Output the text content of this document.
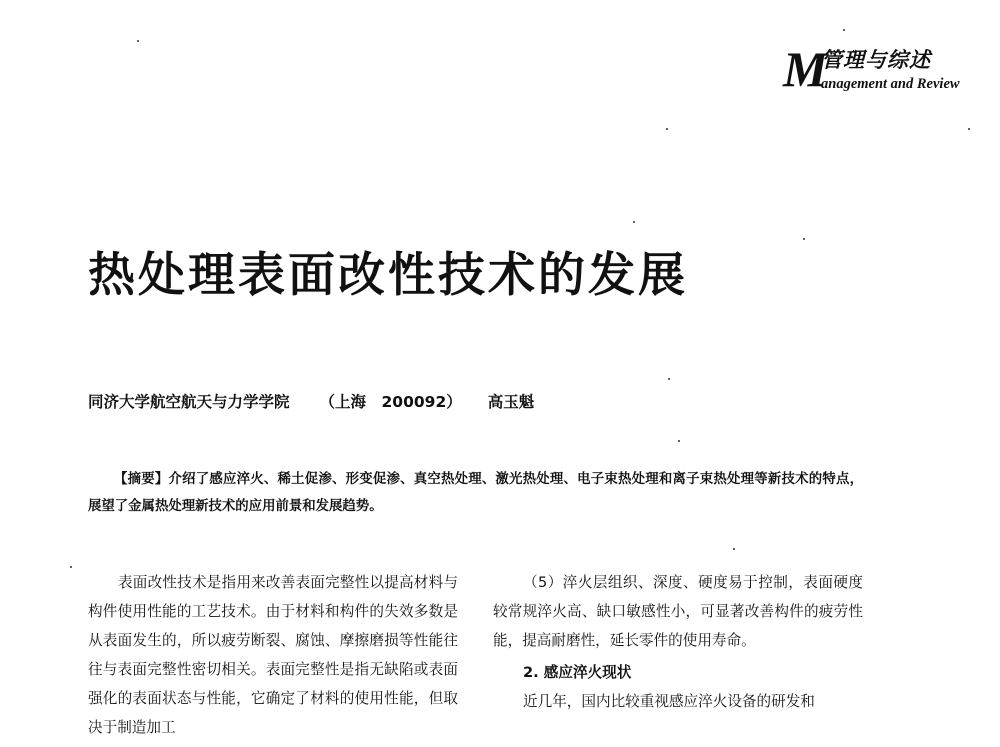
M
管理与综述
anagement and Review
热处理表面改性技术的发展
同济大学航空航天与力学学院 （上海　200092） 高玉魁
【摘要】介绍了感应淬火、稀土促渗、形变促渗、真空热处理、激光热处理、电子束热处理和离子束热处理等新技术的特点，展望了金属热处理新技术的应用前景和发展趋势。

表面改性技术是指用来改善表面完整性以提高材料与构件使用性能的工艺技术。由于材料和构件的失效多数是从表面发生的，所以疲劳断裂、腐蚀、摩擦磨损等性能往往与表面完整性密切相关。表面完整性是指无缺陷或表面强化的表面状态与性能，它确定了材料的使用性能，但取决于制造加工

（5）淬火层组织、深度、硬度易于控制，表面硬度较常规淬火高、缺口敏感性小，可显著改善构件的疲劳性能，提高耐磨性，延长零件的使用寿命。

2. 感应淬火现状

近几年，国内比较重视感应淬火设备的研发和
